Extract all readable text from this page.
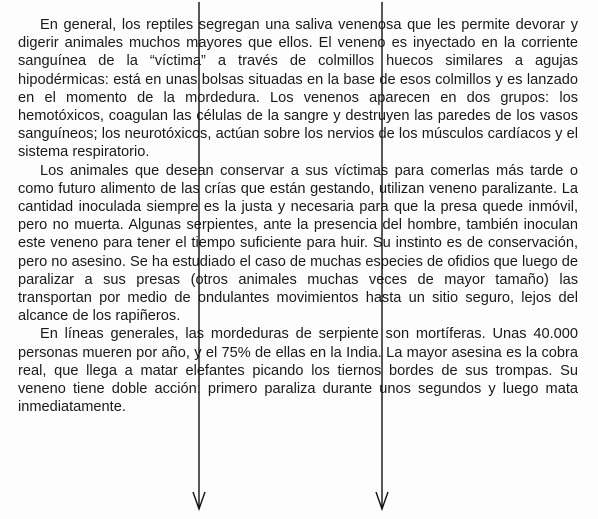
En general, los reptiles segregan una saliva venenosa que les permite devorar y digerir animales muchos mayores que ellos. El veneno es inyectado en la corriente sanguínea de la “víctima” a través de colmillos huecos similares a agujas hipodérmicas: está en unas bolsas situadas en la base de esos colmillos y es lanzado en el momento de la mordedura. Los venenos aparecen en dos grupos: los hemotóxicos, coagulan las células de la sangre y destruyen las paredes de los vasos sanguíneos; los neurotóxicos, actúan sobre los nervios de los músculos cardíacos y el sistema respiratorio.

Los animales que desean conservar a sus víctimas para comerlas más tarde o como futuro alimento de las crías que están gestando, utilizan veneno paralizante. La cantidad inoculada siempre es la justa y necesaria para que la presa quede inmóvil, pero no muerta. Algunas serpientes, ante la presencia del hombre, también inoculan este veneno para tener el tiempo suficiente para huir. Su instinto es de conservación, pero no asesino. Se ha estudiado el caso de muchas especies de ofidios que luego de paralizar a sus presas (otros animales muchas veces de mayor tamaño) las transportan por medio de ondulantes movimientos hasta un sitio seguro, lejos del alcance de los rapiñeros.

En líneas generales, las mordeduras de serpiente son mortíferas. Unas 40.000 personas mueren por año, y el 75% de ellas en la India. La mayor asesina es la cobra real, que llega a matar elefantes picando los tiernos bordes de sus trompas. Su veneno tiene doble acción: primero paraliza durante unos segundos y luego mata inmediatamente.
